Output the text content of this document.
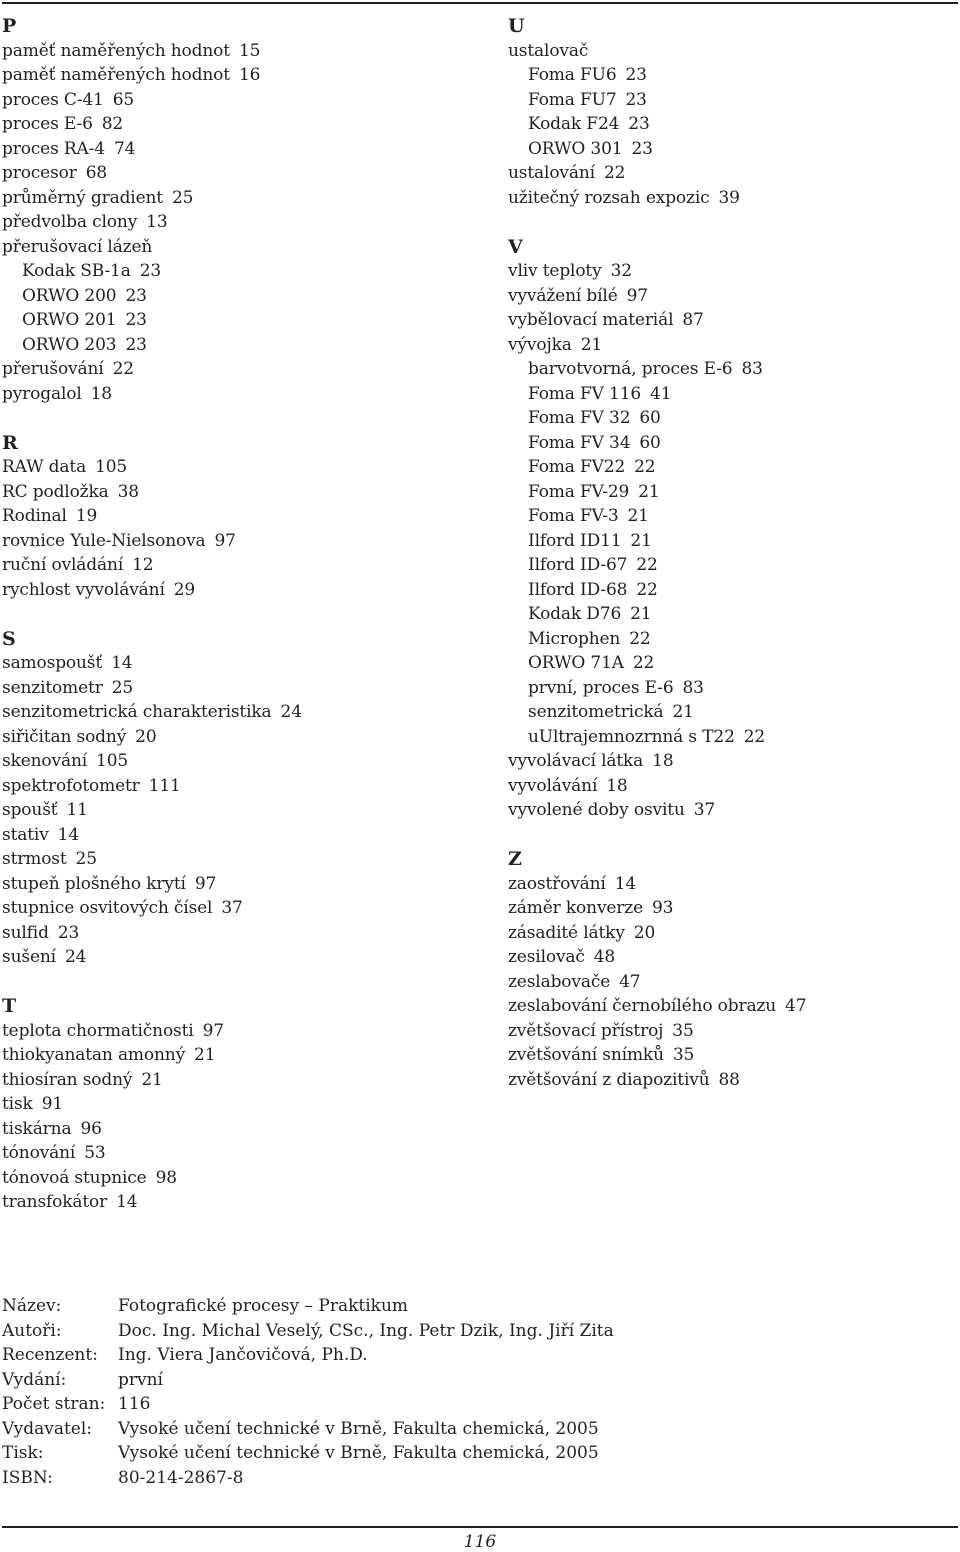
P
paměť naměřených hodnot 15
paměť naměřených hodnot 16
proces C-41 65
proces E-6 82
proces RA-4 74
procesor 68
průměrný gradient 25
předvolba clony 13
přerušovací lázeň
Kodak SB-1a 23
ORWO 200 23
ORWO 201 23
ORWO 203 23
přerušování 22
pyrogalol 18
R
RAW data 105
RC podložka 38
Rodinal 19
rovnice Yule-Nielsonova 97
ruční ovládání 12
rychlost vyvolávání 29
S
samospoušť 14
senzitometr 25
senzitometrická charakteristika 24
siřičitan sodný 20
skenování 105
spektrofotometr 111
spoušť 11
stativ 14
strmost 25
stupeň plošného krytí 97
stupnice osvitových čísel 37
sulfid 23
sušení 24
T
teplota chormatičnosti 97
thiokyanatan amonný 21
thiosíran sodný 21
tisk 91
tiskárna 96
tónování 53
tónovoá stupnice 98
transfokátor 14
U
ustalovač
Foma FU6 23
Foma FU7 23
Kodak F24 23
ORWO 301 23
ustalování 22
užitečný rozsah expozic 39
V
vliv teploty 32
vyvážení bílé 97
vybělovací materiál 87
vývojka 21
barvotvorná, proces E-6 83
Foma FV 116 41
Foma FV 32 60
Foma FV 34 60
Foma FV22 22
Foma FV-29 21
Foma FV-3 21
Ilford ID11 21
Ilford ID-67 22
Ilford ID-68 22
Kodak D76 21
Microphen 22
ORWO 71A 22
první, proces E-6 83
senzitometrická 21
uUltrajemnozrnná s T22 22
vyvolávací látka 18
vyvolávání 18
vyvolené doby osvitu 37
Z
zaostřování 14
záměr konverze 93
zásadité látky 20
zesilovač 48
zeslabovače 47
zeslabování černobílého obrazu 47
zvětšovací přístroj 35
zvětšování snímků 35
zvětšování z diapozitivů 88
Název:	Fotografické procesy – Praktikum
Autoři:	Doc. Ing. Michal Veselý, CSc., Ing. Petr Dzik, Ing. Jiří Zita
Recenzent:	Ing. Viera Jančovičová, Ph.D.
Vydání:	první
Počet stran: 116
Vydavatel:	Vysoké učení technické v Brně, Fakulta chemická, 2005
Tisk:	Vysoké učení technické v Brně, Fakulta chemická, 2005
ISBN:	80-214-2867-8
116
